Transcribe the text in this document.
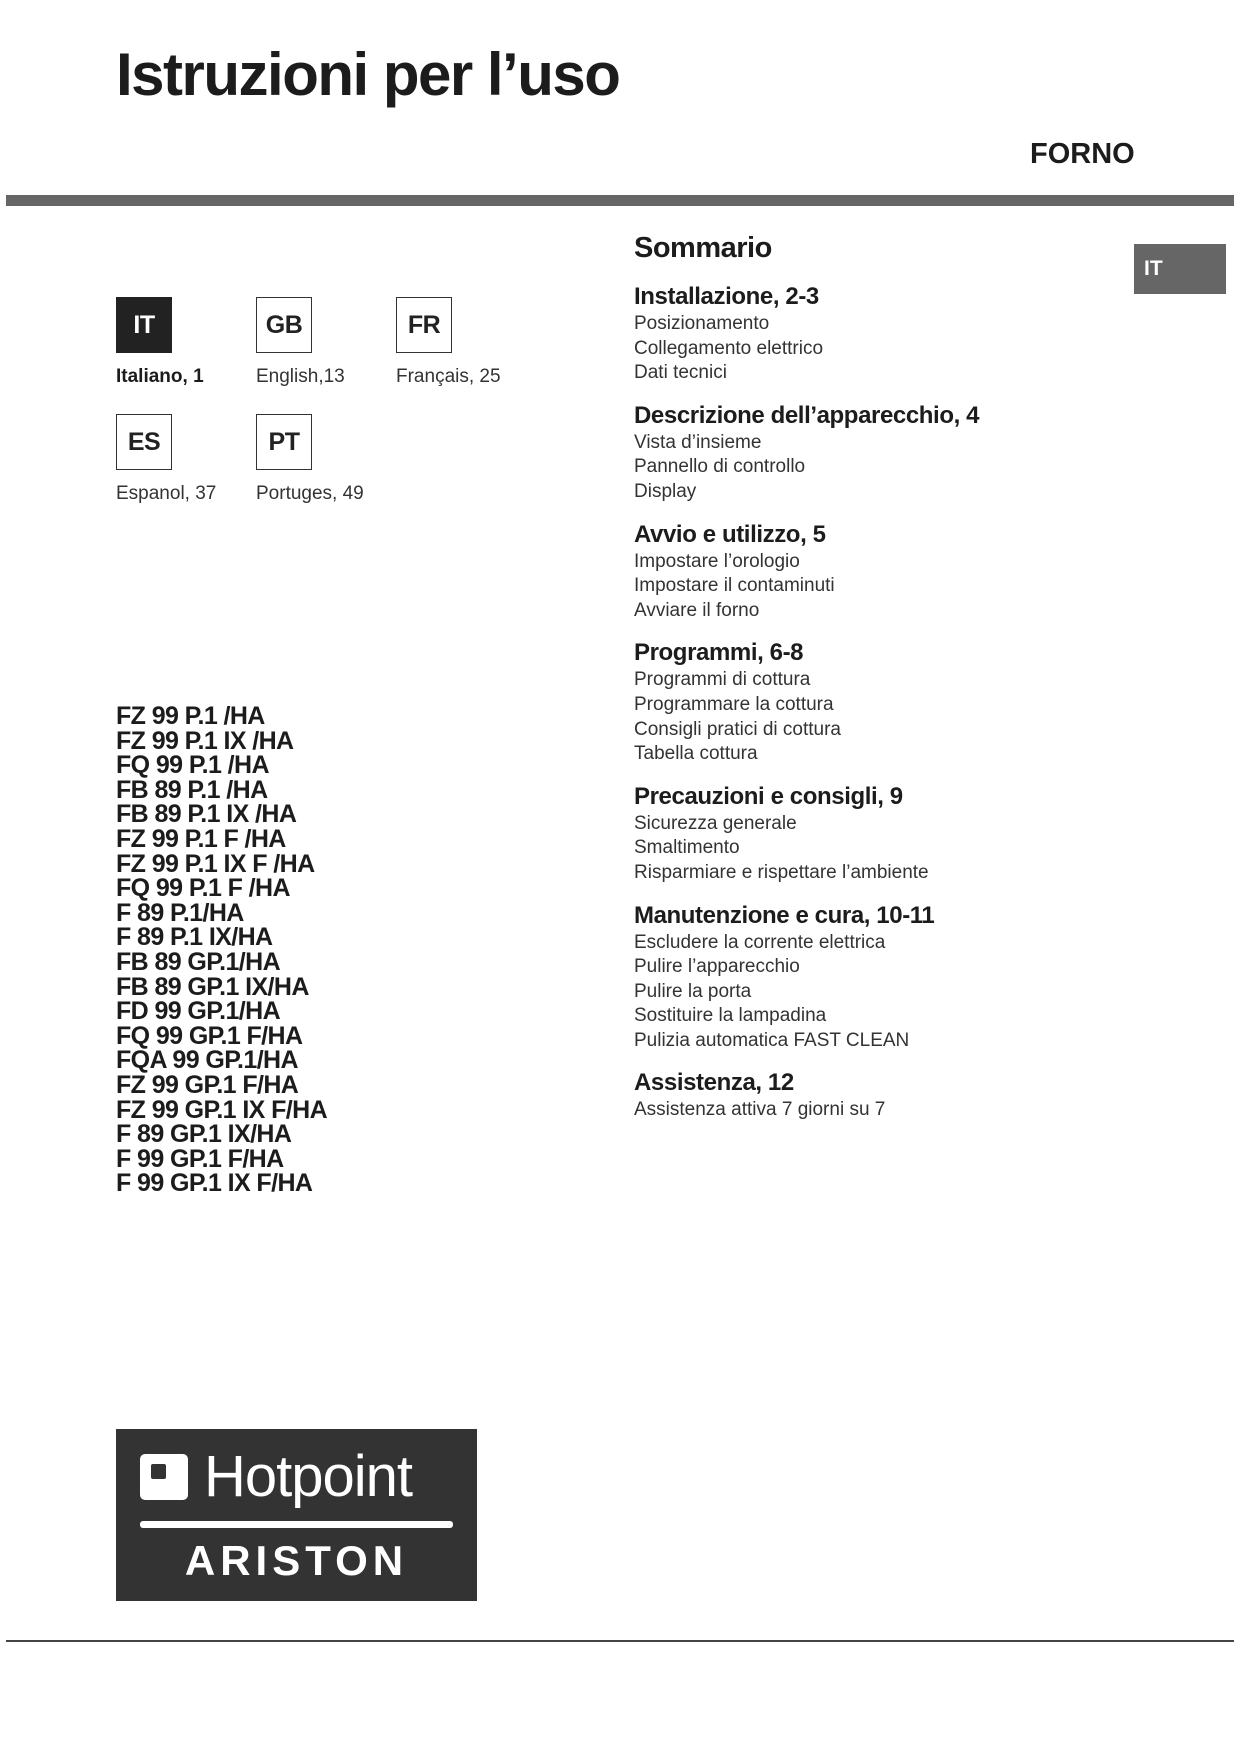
Istruzioni per l’uso
FORNO
IT
IT
Italiano, 1
GB
English,13
FR
Français, 25
ES
Espanol, 37
PT
Portuges, 49
FZ 99 P.1 /HA
FZ 99 P.1 IX /HA
FQ 99 P.1 /HA
FB 89 P.1 /HA
FB 89 P.1 IX /HA
FZ 99 P.1 F /HA
FZ 99 P.1 IX F /HA
FQ 99 P.1 F /HA
F 89 P.1/HA
F 89 P.1 IX/HA
FB 89 GP.1/HA
FB 89 GP.1 IX/HA
FD 99 GP.1/HA
FQ 99 GP.1 F/HA
FQA 99 GP.1/HA
FZ 99 GP.1 F/HA
FZ 99 GP.1 IX F/HA
F 89 GP.1 IX/HA
F 99 GP.1 F/HA
F 99 GP.1 IX F/HA
Sommario
Installazione, 2-3
Posizionamento
Collegamento elettrico
Dati tecnici
Descrizione dell’apparecchio, 4
Vista d’insieme
Pannello di controllo
Display
Avvio e utilizzo, 5
Impostare l’orologio
Impostare il contaminuti
Avviare il forno
Programmi, 6-8
Programmi di cottura
Programmare la cottura
Consigli pratici di cottura
Tabella cottura
Precauzioni e consigli, 9
Sicurezza generale
Smaltimento
Risparmiare e rispettare l’ambiente
Manutenzione e cura, 10-11
Escludere la corrente elettrica
Pulire l’apparecchio
Pulire la porta
Sostituire la lampadina
Pulizia automatica FAST CLEAN
Assistenza, 12
Assistenza attiva 7 giorni su 7
Hotpoint
ARISTON
